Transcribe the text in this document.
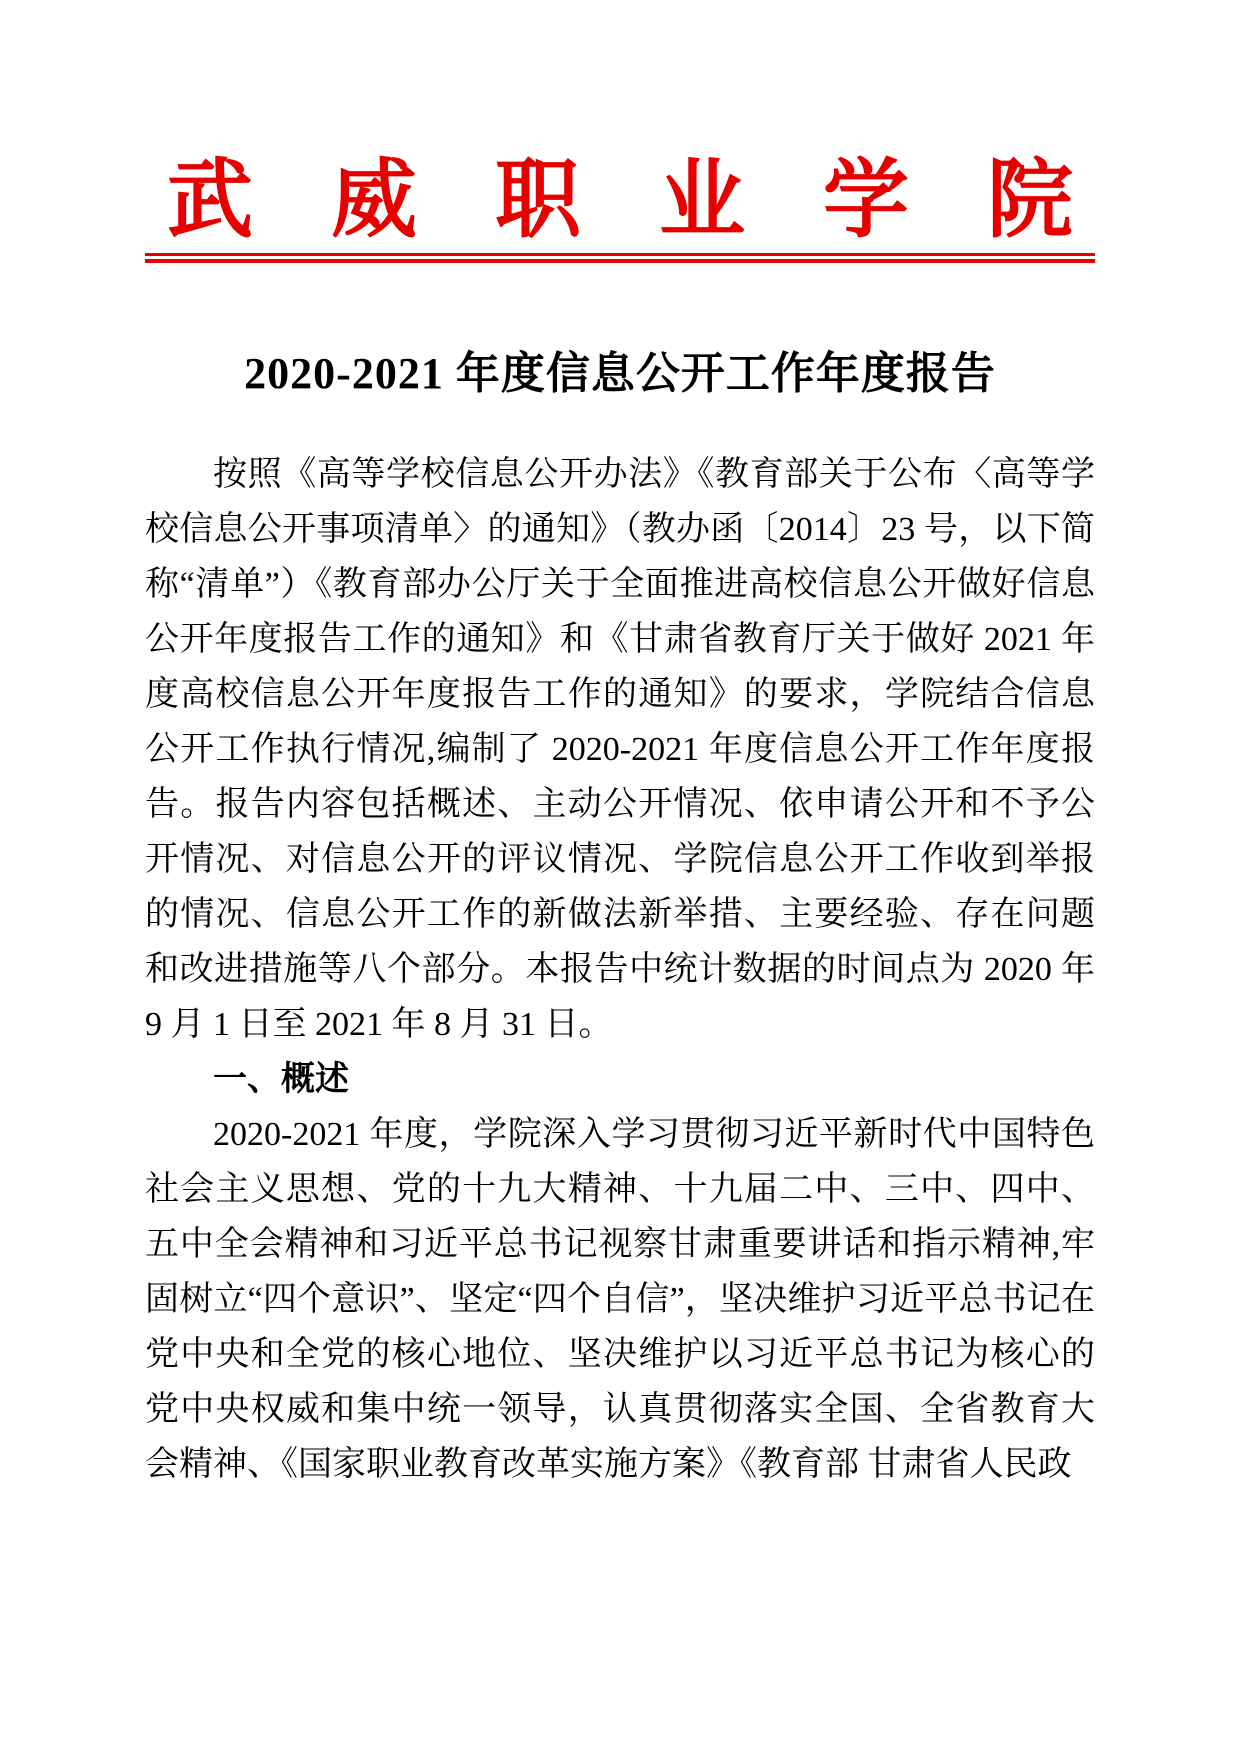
武 威 职 业 学 院
2020-2021 年度信息公开工作年度报告

按照《高等学校信息公开办法》《教育部关于公布〈高等学校信息公开事项清单〉的通知》（教办函〔2014〕23 号，以下简称“清单”）《教育部办公厅关于全面推进高校信息公开做好信息公开年度报告工作的通知》和《甘肃省教育厅关于做好 2021 年度高校信息公开年度报告工作的通知》的要求，学院结合信息公开工作执行情况,编制了 2020-2021 年度信息公开工作年度报告。报告内容包括概述、主动公开情况、依申请公开和不予公开情况、对信息公开的评议情况、学院信息公开工作收到举报的情况、信息公开工作的新做法新举措、主要经验、存在问题和改进措施等八个部分。本报告中统计数据的时间点为 2020 年 9 月 1 日至 2021 年 8 月 31 日。

一、概述

2020-2021 年度，学院深入学习贯彻习近平新时代中国特色社会主义思想、党的十九大精神、十九届二中、三中、四中、五中全会精神和习近平总书记视察甘肃重要讲话和指示精神,牢固树立“四个意识”、坚定“四个自信”，坚决维护习近平总书记在党中央和全党的核心地位、坚决维护以习近平总书记为核心的党中央权威和集中统一领导，认真贯彻落实全国、全省教育大会精神、《国家职业教育改革实施方案》《教育部 甘肃省人民政
